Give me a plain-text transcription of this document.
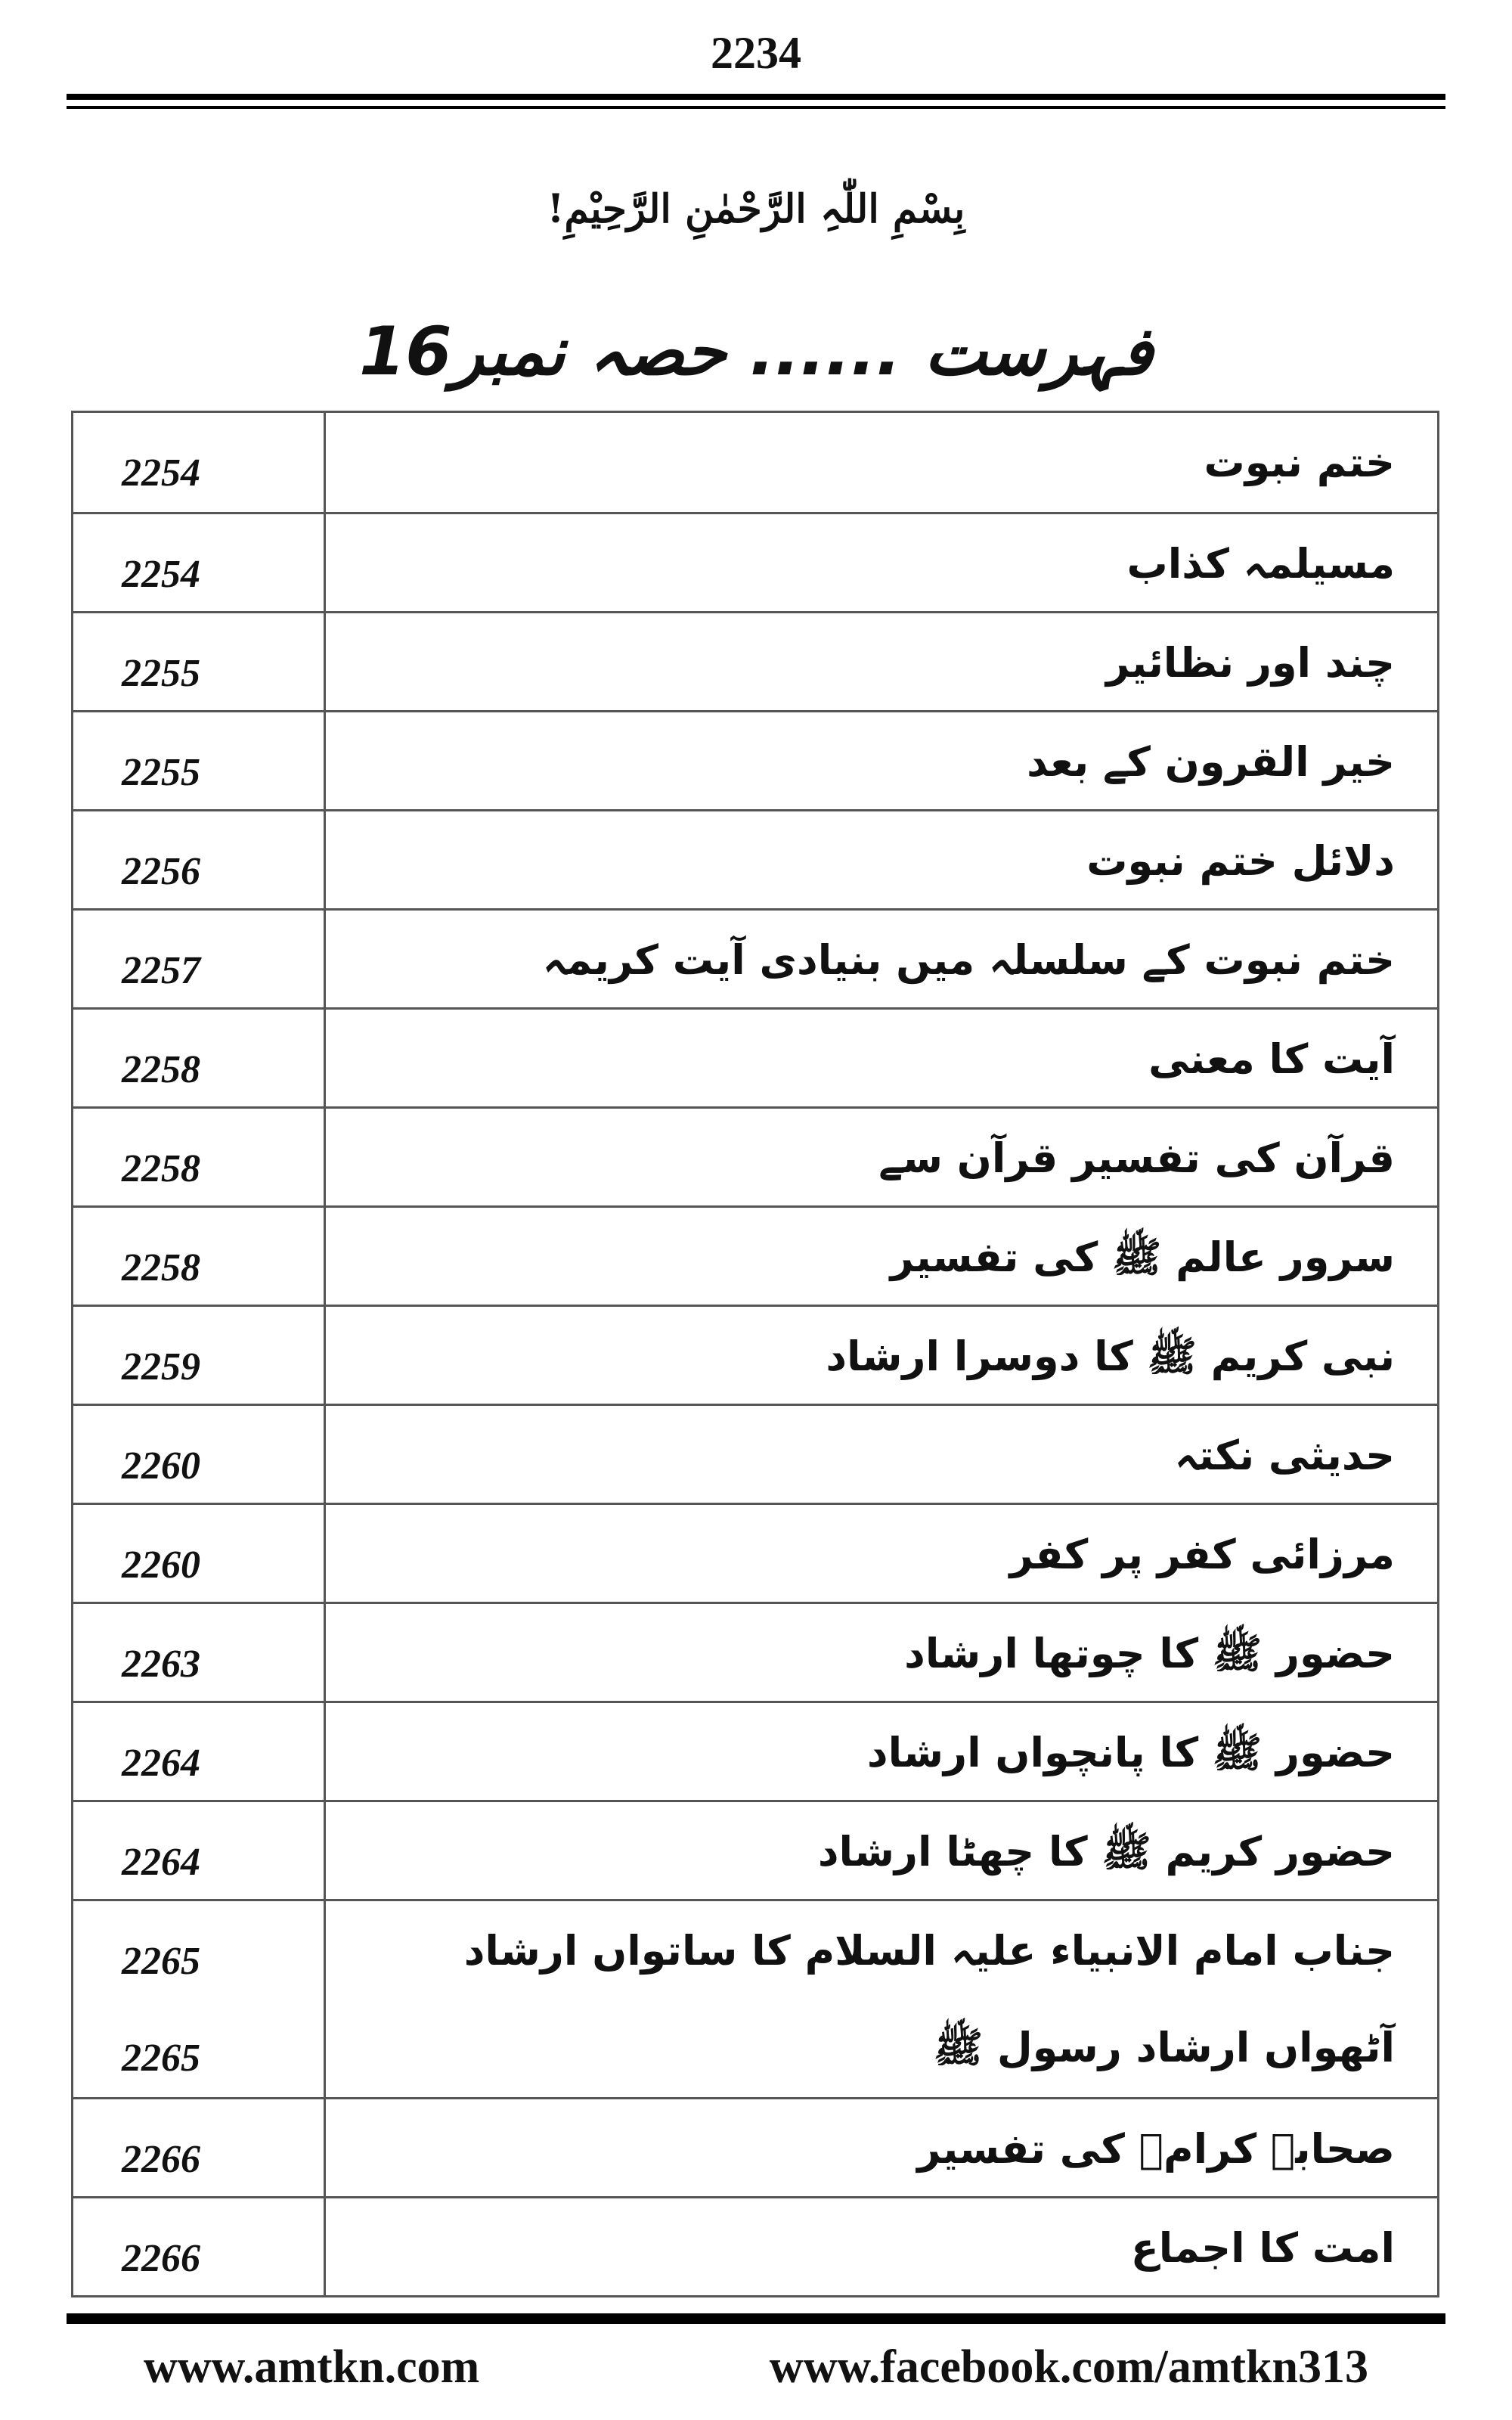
2234
بِسْمِ اللّٰہِ الرَّحْمٰنِ الرَّحِیْمِ!
فہرست ...... حصہ نمبر16
2254	ختم نبوت
2254	مسیلمہ کذاب
2255	چند اور نظائیر
2255	خیر القرون کے بعد
2256	دلائل ختم نبوت
2257	ختم نبوت کے سلسلہ میں بنیادی آیت کریمہ
2258	آیت کا معنی
2258	قرآن کی تفسیر قرآن سے
2258	سرور عالم ﷺ کی تفسیر
2259	نبی کریم ﷺ کا دوسرا ارشاد
2260	حدیثی نکتہ
2260	مرزائی کفر پر کفر
2263	حضور ﷺ کا چوتھا ارشاد
2264	حضور ﷺ کا پانچواں ارشاد
2264	حضور کریم ﷺ کا چھٹا ارشاد
2265	جناب امام الانبیاء علیہ السلام کا ساتواں ارشاد
2265	آٹھواں ارشاد رسول ﷺ
2266	صحابہ کرامؓ کی تفسیر
2266	امت کا اجماع
www.amtkn.com	www.facebook.com/amtkn313
